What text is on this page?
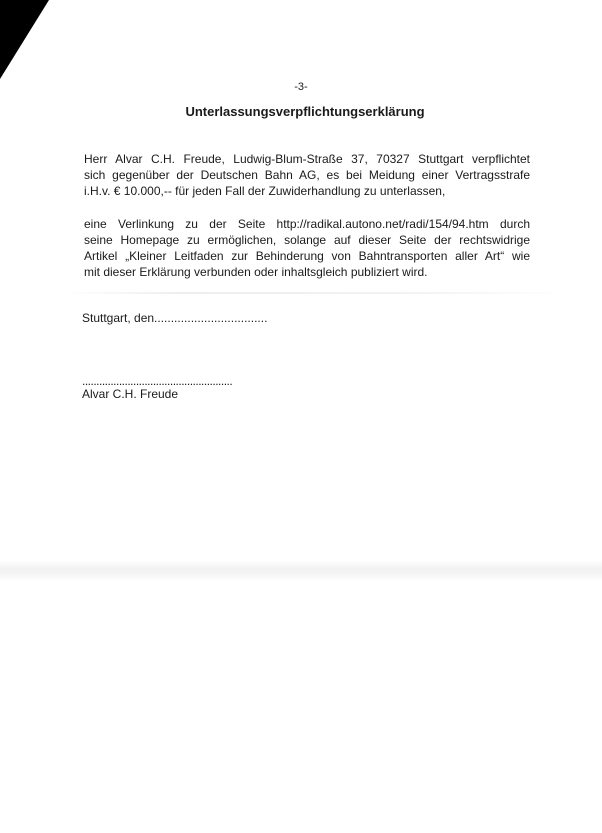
-3-
Unterlassungsverpflichtungserklärung
Herr Alvar C.H. Freude, Ludwig-Blum-Straße 37, 70327 Stuttgart verpflichtet
sich gegenüber der Deutschen Bahn AG, es bei Meidung einer Vertragsstrafe
i.H.v. € 10.000,-- für jeden Fall der Zuwiderhandlung zu unterlassen,
eine Verlinkung zu der Seite http://radikal.autono.net/radi/154/94.htm durch
seine Homepage zu ermöglichen, solange auf dieser Seite der rechtswidrige
Artikel „Kleiner Leitfaden zur Behinderung von Bahntransporten aller Art“ wie
mit dieser Erklärung verbunden oder inhaltsgleich publiziert wird.
Stuttgart, den..................................
.....................................................
Alvar C.H. Freude
